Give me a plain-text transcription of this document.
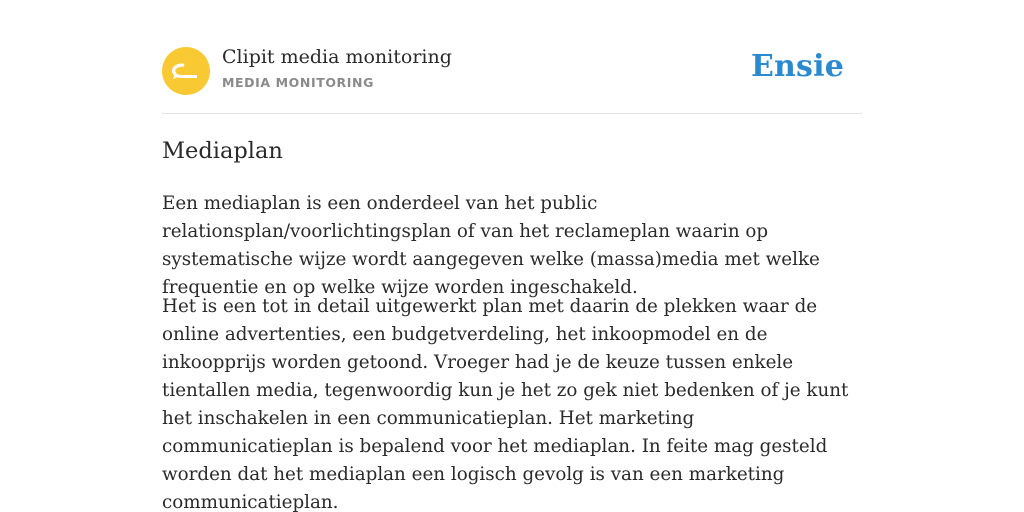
Clipit media monitoring
MEDIA MONITORING	Ensie
Mediaplan

Een mediaplan is een onderdeel van het public relationsplan/voorlichtingsplan of van het reclameplan waarin op systematische wijze wordt aangegeven welke (massa)media met welke frequentie en op welke wijze worden ingeschakeld.

Het is een tot in detail uitgewerkt plan met daarin de plekken waar de online advertenties, een budgetverdeling, het inkoopmodel en de inkoopprijs worden getoond. Vroeger had je de keuze tussen enkele tientallen media, tegenwoordig kun je het zo gek niet bedenken of je kunt het inschakelen in een communicatieplan. Het marketing communicatieplan is bepalend voor het mediaplan. In feite mag gesteld worden dat het mediaplan een logisch gevolg is van een marketing communicatieplan.
